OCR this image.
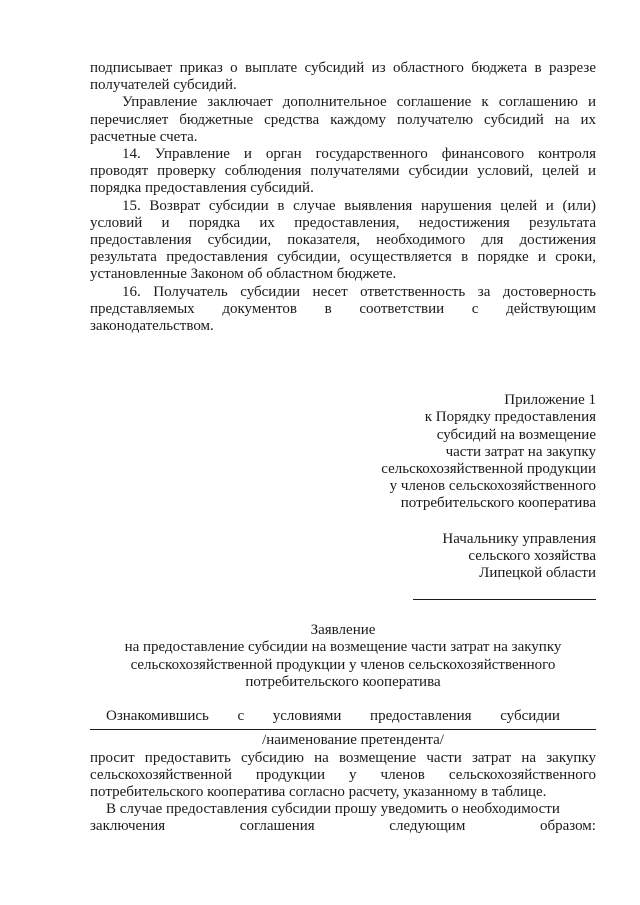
подписывает приказ о выплате субсидий из областного бюджета в разрезе получателей субсидий.

Управление заключает дополнительное соглашение к соглашению и перечисляет бюджетные средства каждому получателю субсидий на их расчетные счета.

14. Управление и орган государственного финансового контроля проводят проверку соблюдения получателями субсидии условий, целей и порядка предоставления субсидий.

15. Возврат субсидии в случае выявления нарушения целей и (или) условий и порядка их предоставления, недостижения результата предоставления субсидии, показателя, необходимого для достижения результата предоставления субсидии, осуществляется в порядке и сроки, установленные Законом об областном бюджете.

16. Получатель субсидии несет ответственность за достоверность представляемых документов в соответствии с действующим законодательством.

Приложение 1
к Порядку предоставления
субсидий на возмещение
части затрат на закупку
сельскохозяйственной продукции
у членов сельскохозяйственного
потребительского кооператива
Начальнику управления
сельского хозяйства
Липецкой области
Заявление
на предоставление субсидии на возмещение части затрат на закупку
сельскохозяйственной продукции у членов сельскохозяйственного
потребительского кооператива
Ознакомившись с условиями предоставления субсидии
/наименование претендента/

просит предоставить субсидию на возмещение части затрат на закупку сельскохозяйственной продукции у членов сельскохозяйственного потребительского кооператива согласно расчету, указанному в таблице.

В случае предоставления субсидии прошу уведомить о необходимости

заключения	соглашения	следующим	образом:
